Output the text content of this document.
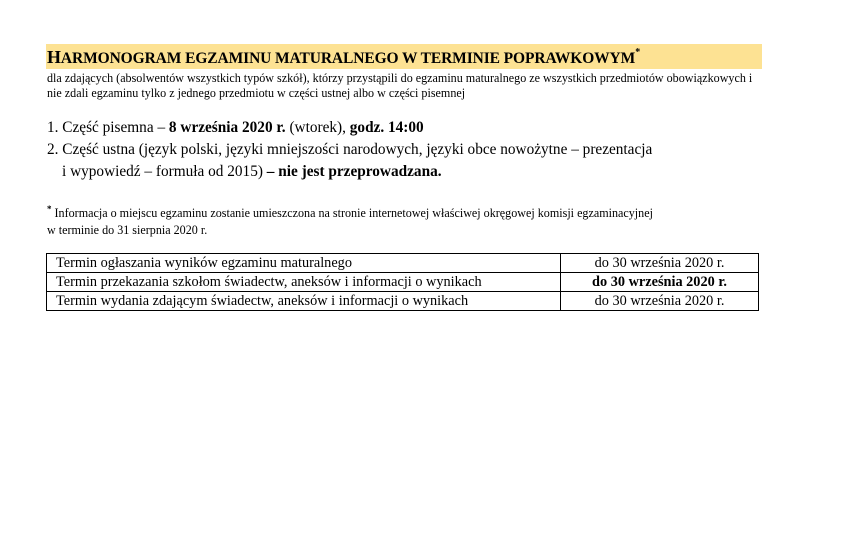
HARMONOGRAM EGZAMINU MATURALNEGO W TERMINIE POPRAWKOWYM*
dla zdających (absolwentów wszystkich typów szkół), którzy przystąpili do egzaminu maturalnego ze wszystkich przedmiotów obowiązkowych i nie zdali egzaminu tylko z jednego przedmiotu w części ustnej albo w części pisemnej
1. Część pisemna – 8 września 2020 r. (wtorek), godz. 14:00
2. Część ustna (język polski, języki mniejszości narodowych, języki obce nowożytne – prezentacja
i wypowiedź – formuła od 2015) – nie jest przeprowadzana.
* Informacja o miejscu egzaminu zostanie umieszczona na stronie internetowej właściwej okręgowej komisji egzaminacyjnej
w terminie do 31 sierpnia 2020 r.
Termin ogłaszania wyników egzaminu maturalnego	do 30 września 2020 r.
Termin przekazania szkołom świadectw, aneksów i informacji o wynikach	do 30 września 2020 r.
Termin wydania zdającym świadectw, aneksów i informacji o wynikach	do 30 września 2020 r.
